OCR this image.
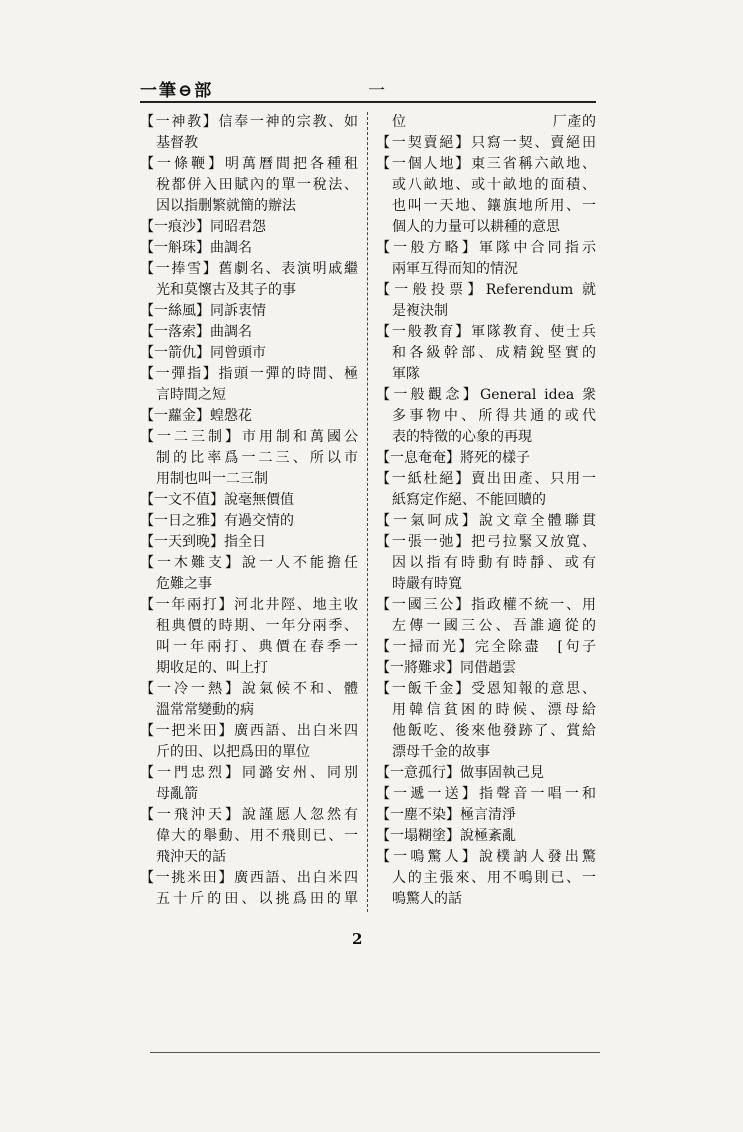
一筆⊖部	一
【一神教】信奉一神的宗教、如
基督教
【一條鞭】明萬曆間把各種租
稅都併入田賦內的單一稅法、
因以指删繁就簡的辦法
【一痕沙】同昭君怨
【一斛珠】曲調名
【一捧雪】舊劇名、表演明戚繼
光和莫懷古及其子的事
【一絲風】同訴衷情
【一落索】曲調名
【一箭仇】同曾頭市
【一彈指】指頭一彈的時間、極
言時間之短
【一蘿金】蝗慇花
【一二三制】市用制和萬國公
制的比率爲一二三、所以市
用制也叫一二三制
【一文不值】說毫無價值
【一日之雅】有過交情的
【一天到晚】指全日
【一木難支】說一人不能擔任
危難之事
【一年兩打】河北井陘、地主收
租典價的時期、一年分兩季、
叫一年兩打、典價在春季一
期收足的、叫上打
【一冷一熱】說氣候不和、體
溫常常變動的病
【一把米田】廣西語、出白米四
斤的田、以把爲田的單位
【一門忠烈】同潞安州、同別
母亂箭
【一飛沖天】說謹愿人忽然有
偉大的舉動、用不飛則已、一
飛沖天的話
【一挑米田】廣西語、出白米四
五十斤的田、以挑爲田的單
位　　　　　　　　　　厂產的
【一契賣絕】只寫一契、賣絕田
【一個人地】東三省稱六畝地、
或八畝地、或十畝地的面積、
也叫一天地、鑲旗地所用、一
個人的力量可以耕種的意思
【一般方略】軍隊中合同指示
兩軍互得而知的情況
【一般投票】Referendum 就
是複決制
【一般教育】軍隊教育、使士兵
和各級幹部、成精銳堅實的
軍隊
【一般觀念】General idea 衆
多事物中、所得共通的或代
表的特徵的心象的再現
【一息奄奄】將死的樣子
【一紙杜絕】賣出田產、只用一
紙寫定作絕、不能回贖的
【一氣呵成】說文章全體聯貫
【一張一弛】把弓拉緊又放寬、
因以指有時動有時靜、或有
時嚴有時寬
【一國三公】指政權不統一、用
左傳一國三公、吾誰適從的
【一掃而光】完全除盡　[句子
【一將難求】同借趙雲
【一飯千金】受恩知報的意思、
用韓信貧困的時候、漂母給
他飯吃、後來他發跡了、賞給
漂母千金的故事
【一意孤行】做事固執己見
【一遞一送】指聲音一唱一和
【一塵不染】極言清淨
【一塌糊塗】說極紊亂
【一鳴驚人】說樸訥人發出驚
人的主張來、用不鳴則已、一
鳴驚人的話
2
